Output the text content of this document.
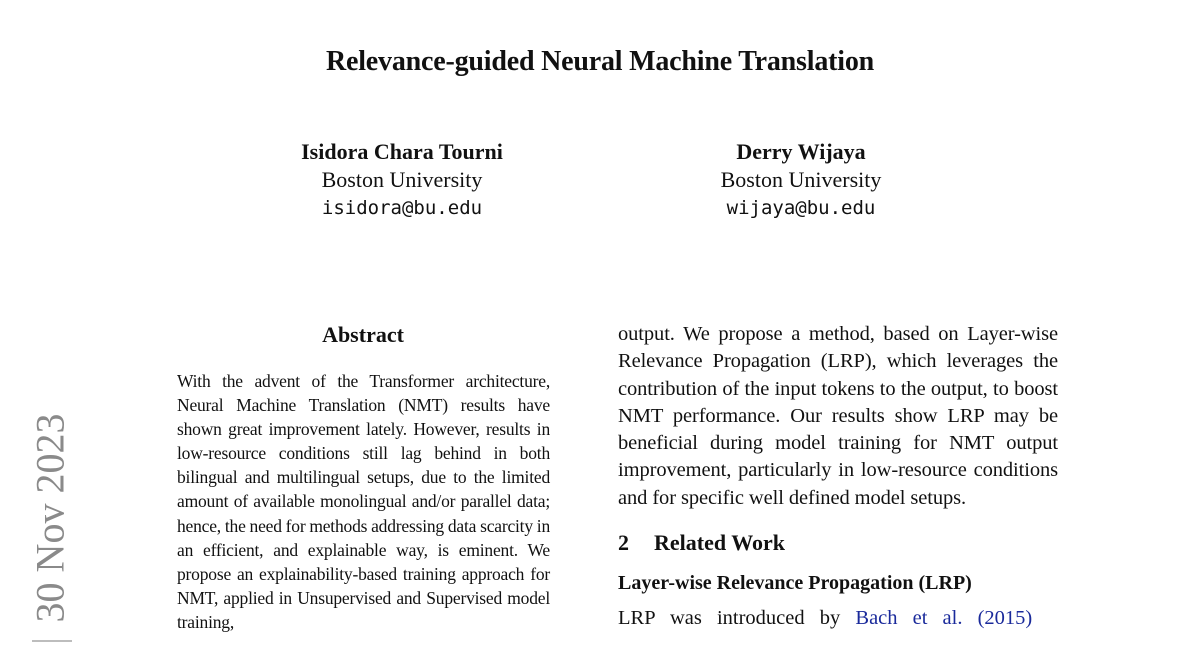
Relevance-guided Neural Machine Translation
Isidora Chara Tourni
Boston University
isidora@bu.edu
Derry Wijaya
Boston University
wijaya@bu.edu
30 Nov 2023
Abstract
With the advent of the Transformer architecture, Neural Machine Translation (NMT) results have shown great improvement lately. However, results in low-resource conditions still lag behind in both bilingual and multilingual setups, due to the limited amount of available monolingual and/or parallel data; hence, the need for methods addressing data scarcity in an efficient, and explainable way, is eminent. We propose an explainability-based training approach for NMT, applied in Unsupervised and Supervised model training,

output. We propose a method, based on Layer-wise Relevance Propagation (LRP), which leverages the contribution of the input tokens to the output, to boost NMT performance. Our results show LRP may be beneficial during model training for NMT output improvement, particularly in low-resource conditions and for specific well defined model setups.

2 Related Work
Layer-wise Relevance Propagation (LRP)
LRP was introduced by Bach et al. (2015)
